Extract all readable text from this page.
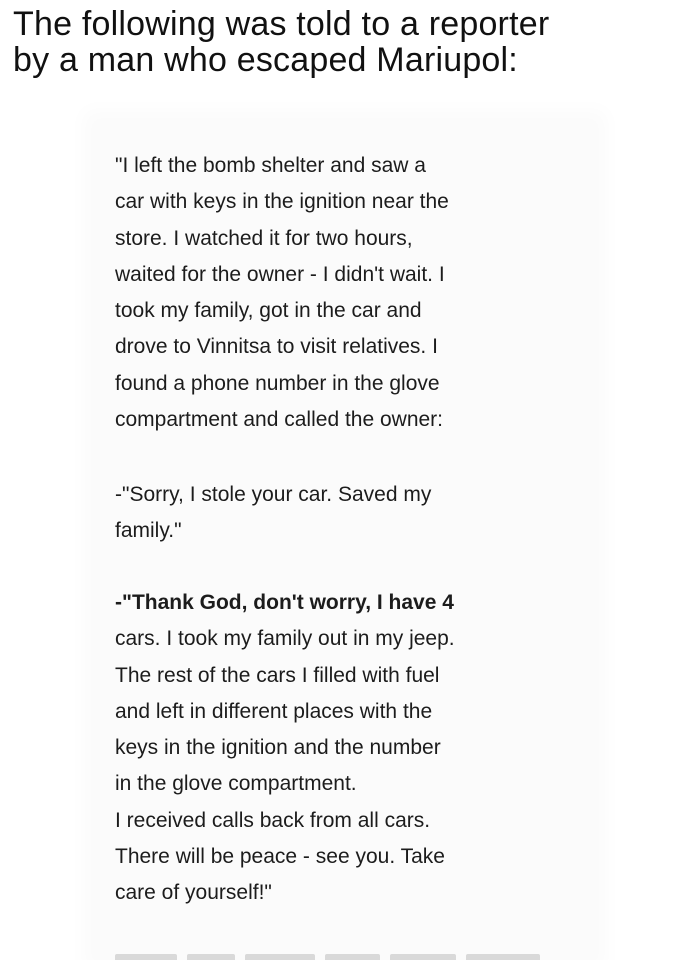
The following was told to a reporter
by a man who escaped Mariupol:
"I left the bomb shelter and saw a
car with keys in the ignition near the
store. I watched it for two hours,
waited for the owner - I didn't wait. I
took my family, got in the car and
drove to Vinnitsa to visit relatives. I
found a phone number in the glove
compartment and called the owner:
-"Sorry, I stole your car. Saved my
family."
-"Thank God, don't worry, I have 4
cars. I took my family out in my jeep.
The rest of the cars I filled with fuel
and left in different places with the
keys in the ignition and the number
in the glove compartment.
I received calls back from all cars.
There will be peace - see you. Take
care of yourself!"
